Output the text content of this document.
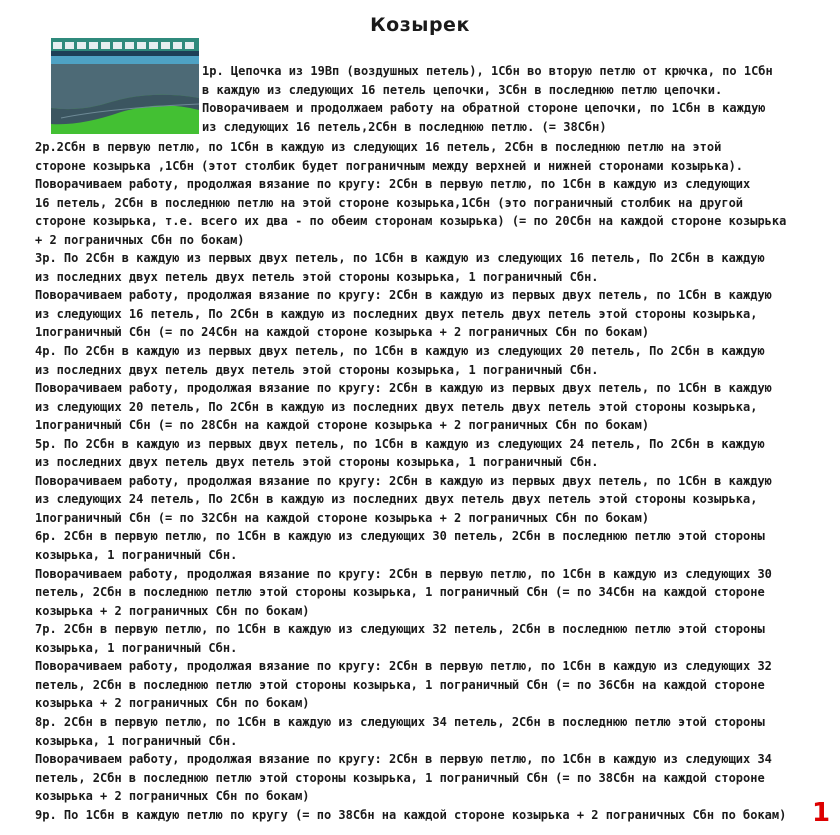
Козырек

1р. Цепочка из 19Вп (воздушных петель), 1Сбн во вторую петлю от крючка, по 1Сбн

в каждую из следующих 16 петель цепочки, 3Сбн в последнюю петлю цепочки.

Поворачиваем и продолжаем работу на обратной стороне цепочки, по 1Сбн в каждую

из следующих 16 петель,2Сбн в последнюю петлю. (= 38Сбн)

2р.2Сбн в первую петлю, по 1Сбн в каждую из следующих 16 петель, 2Сбн в последнюю петлю на этой

стороне козырька ,1Сбн (этот столбик будет пограничным между верхней и нижней сторонами козырька).

Поворачиваем работу, продолжая вязание по кругу: 2Сбн в первую петлю, по 1Сбн в каждую из следующих

16 петель, 2Сбн в последнюю петлю на этой стороне козырька,1Сбн (это пограничный столбик на другой

стороне козырька, т.е. всего их два - по обеим сторонам козырька) (= по 20Сбн на каждой стороне козырька

+ 2 пограничных Сбн по бокам)

3р. По 2Сбн в каждую из первых двух петель, по 1Сбн в каждую из следующих 16 петель, По 2Сбн в каждую

из последних двух петель двух петель этой стороны козырька, 1 пограничный Сбн.

Поворачиваем работу, продолжая вязание по кругу: 2Сбн в каждую из первых двух петель, по 1Сбн в каждую

из следующих 16 петель, По 2Сбн в каждую из последних двух петель двух петель этой стороны козырька,

1пограничный Сбн (= по 24Сбн на каждой стороне козырька + 2 пограничных Сбн по бокам)

4р. По 2Сбн в каждую из первых двух петель, по 1Сбн в каждую из следующих 20 петель, По 2Сбн в каждую

из последних двух петель двух петель этой стороны козырька, 1 пограничный Сбн.

Поворачиваем работу, продолжая вязание по кругу: 2Сбн в каждую из первых двух петель, по 1Сбн в каждую

из следующих 20 петель, По 2Сбн в каждую из последних двух петель двух петель этой стороны козырька,

1пограничный Сбн (= по 28Сбн на каждой стороне козырька + 2 пограничных Сбн по бокам)

5р. По 2Сбн в каждую из первых двух петель, по 1Сбн в каждую из следующих 24 петель, По 2Сбн в каждую

из последних двух петель двух петель этой стороны козырька, 1 пограничный Сбн.

Поворачиваем работу, продолжая вязание по кругу: 2Сбн в каждую из первых двух петель, по 1Сбн в каждую

из следующих 24 петель, По 2Сбн в каждую из последних двух петель двух петель этой стороны козырька,

1пограничный Сбн (= по 32Сбн на каждой стороне козырька + 2 пограничных Сбн по бокам)

6р. 2Сбн в первую петлю, по 1Сбн в каждую из следующих 30 петель, 2Сбн в последнюю петлю этой стороны

козырька, 1 пограничный Сбн.

Поворачиваем работу, продолжая вязание по кругу: 2Сбн в первую петлю, по 1Сбн в каждую из следующих 30

петель, 2Сбн в последнюю петлю этой стороны козырька, 1 пограничный Сбн (= по 34Сбн на каждой стороне

козырька + 2 пограничных Сбн по бокам)

7р. 2Сбн в первую петлю, по 1Сбн в каждую из следующих 32 петель, 2Сбн в последнюю петлю этой стороны

козырька, 1 пограничный Сбн.

Поворачиваем работу, продолжая вязание по кругу: 2Сбн в первую петлю, по 1Сбн в каждую из следующих 32

петель, 2Сбн в последнюю петлю этой стороны козырька, 1 пограничный Сбн (= по 36Сбн на каждой стороне

козырька + 2 пограничных Сбн по бокам)

8р. 2Сбн в первую петлю, по 1Сбн в каждую из следующих 34 петель, 2Сбн в последнюю петлю этой стороны

козырька, 1 пограничный Сбн.

Поворачиваем работу, продолжая вязание по кругу: 2Сбн в первую петлю, по 1Сбн в каждую из следующих 34

петель, 2Сбн в последнюю петлю этой стороны козырька, 1 пограничный Сбн (= по 38Сбн на каждой стороне

козырька + 2 пограничных Сбн по бокам)

9р. По 1Сбн в каждую петлю по кругу (= по 38Сбн на каждой стороне козырька + 2 пограничных Сбн по бокам) 1
